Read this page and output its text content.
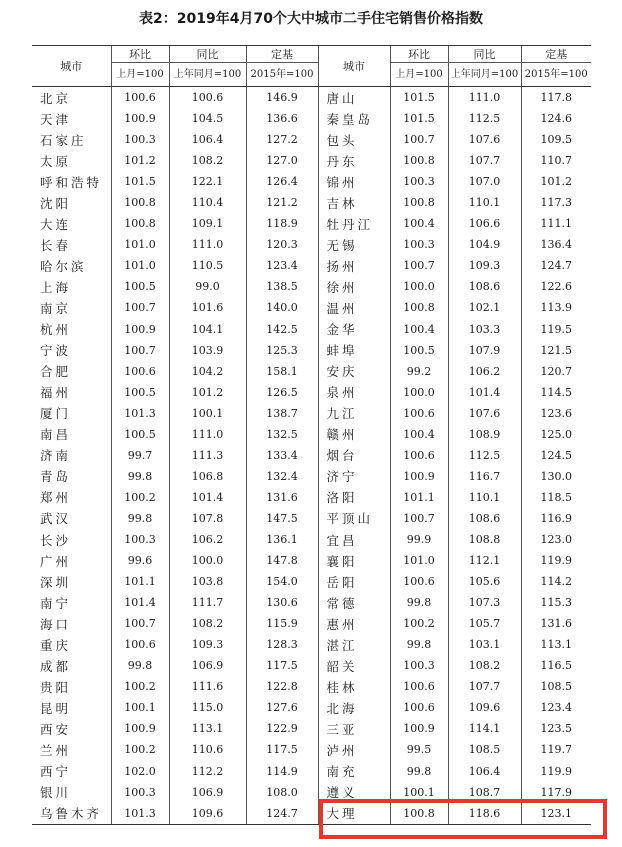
表2：2019年4月70个大中城市二手住宅销售价格指数
城市	环比	同比	定基	城市	环比	同比	定基
	上月=100	上年同月=100	2015年=100		上月=100	上年同月=100	2015年=100
北京	100.6	100.6	146.9	唐山	101.5	111.0	117.8
天津	100.9	104.5	136.6	秦皇岛	101.5	112.5	124.6
石家庄	100.3	106.4	127.2	包头	100.7	107.6	109.5
太原	101.2	108.2	127.0	丹东	100.8	107.7	110.7
呼和浩特	101.5	122.1	126.4	锦州	100.3	107.0	101.2
沈阳	100.8	110.4	121.2	吉林	100.8	110.1	117.3
大连	100.8	109.1	118.9	牡丹江	100.4	106.6	111.1
长春	101.0	111.0	120.3	无锡	100.3	104.9	136.4
哈尔滨	101.0	110.5	123.4	扬州	100.7	109.3	124.7
上海	100.5	99.0	138.5	徐州	100.0	108.6	122.6
南京	100.7	101.6	140.0	温州	100.8	102.1	113.9
杭州	100.9	104.1	142.5	金华	100.4	103.3	119.5
宁波	100.7	103.9	125.3	蚌埠	100.5	107.9	121.5
合肥	100.6	104.2	158.1	安庆	99.2	106.2	120.7
福州	100.5	101.2	126.5	泉州	100.0	101.4	114.5
厦门	101.3	100.1	138.7	九江	100.6	107.6	123.6
南昌	100.5	111.0	132.5	赣州	100.4	108.9	125.0
济南	99.7	111.3	133.4	烟台	100.6	112.5	124.5
青岛	99.8	106.8	132.4	济宁	100.9	116.7	130.0
郑州	100.2	101.4	131.6	洛阳	101.1	110.1	118.5
武汉	99.8	107.8	147.5	平顶山	100.7	108.6	116.9
长沙	100.3	106.2	136.1	宜昌	99.9	108.8	123.0
广州	99.6	100.0	147.8	襄阳	101.0	112.1	119.9
深圳	101.1	103.8	154.0	岳阳	100.6	105.6	114.2
南宁	101.4	111.7	130.6	常德	99.8	107.3	115.3
海口	100.7	108.2	115.9	惠州	100.2	105.7	131.6
重庆	100.6	109.3	128.3	湛江	99.8	103.1	113.1
成都	99.8	106.9	117.5	韶关	100.3	108.2	116.5
贵阳	100.2	111.6	122.8	桂林	100.6	107.7	108.5
昆明	100.1	115.0	127.6	北海	100.6	109.6	123.4
西安	100.9	113.1	122.9	三亚	100.9	114.1	123.5
兰州	100.2	110.6	117.5	泸州	99.5	108.5	119.7
西宁	102.0	112.2	114.9	南充	99.8	106.4	119.9
银川	100.3	106.9	108.0	遵义	100.1	108.7	117.9
乌鲁木齐	101.3	109.6	124.7	大理	100.8	118.6	123.1
